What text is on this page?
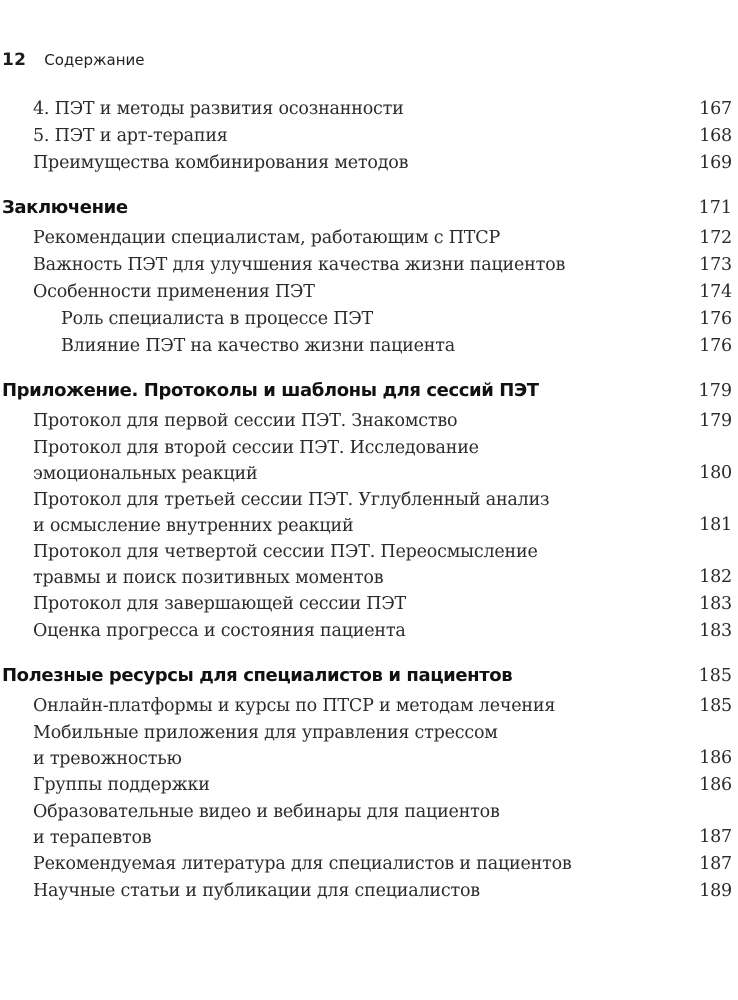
12 Содержание
4. ПЭТ и методы развития осознанности	167
5. ПЭТ и арт-терапия	168
Преимущества комбинирования методов	169
Заключение	171
Рекомендации специалистам, работающим с ПТСР	172
Важность ПЭТ для улучшения качества жизни пациентов	173
Особенности применения ПЭТ	174
Роль специалиста в процессе ПЭТ	176
Влияние ПЭТ на качество жизни пациента	176
Приложение. Протоколы и шаблоны для сессий ПЭТ	179
Протокол для первой сессии ПЭТ. Знакомство	179
Протокол для второй сессии ПЭТ. Исследование
эмоциональных реакций	180
Протокол для третьей сессии ПЭТ. Углубленный анализ
и осмысление внутренних реакций	181
Протокол для четвертой сессии ПЭТ. Переосмысление
травмы и поиск позитивных моментов	182
Протокол для завершающей сессии ПЭТ	183
Оценка прогресса и состояния пациента	183
Полезные ресурсы для специалистов и пациентов	185
Онлайн-платформы и курсы по ПТСР и методам лечения	185
Мобильные приложения для управления стрессом
и тревожностью	186
Группы поддержки	186
Образовательные видео и вебинары для пациентов
и терапевтов	187
Рекомендуемая литература для специалистов и пациентов	187
Научные статьи и публикации для специалистов	189
